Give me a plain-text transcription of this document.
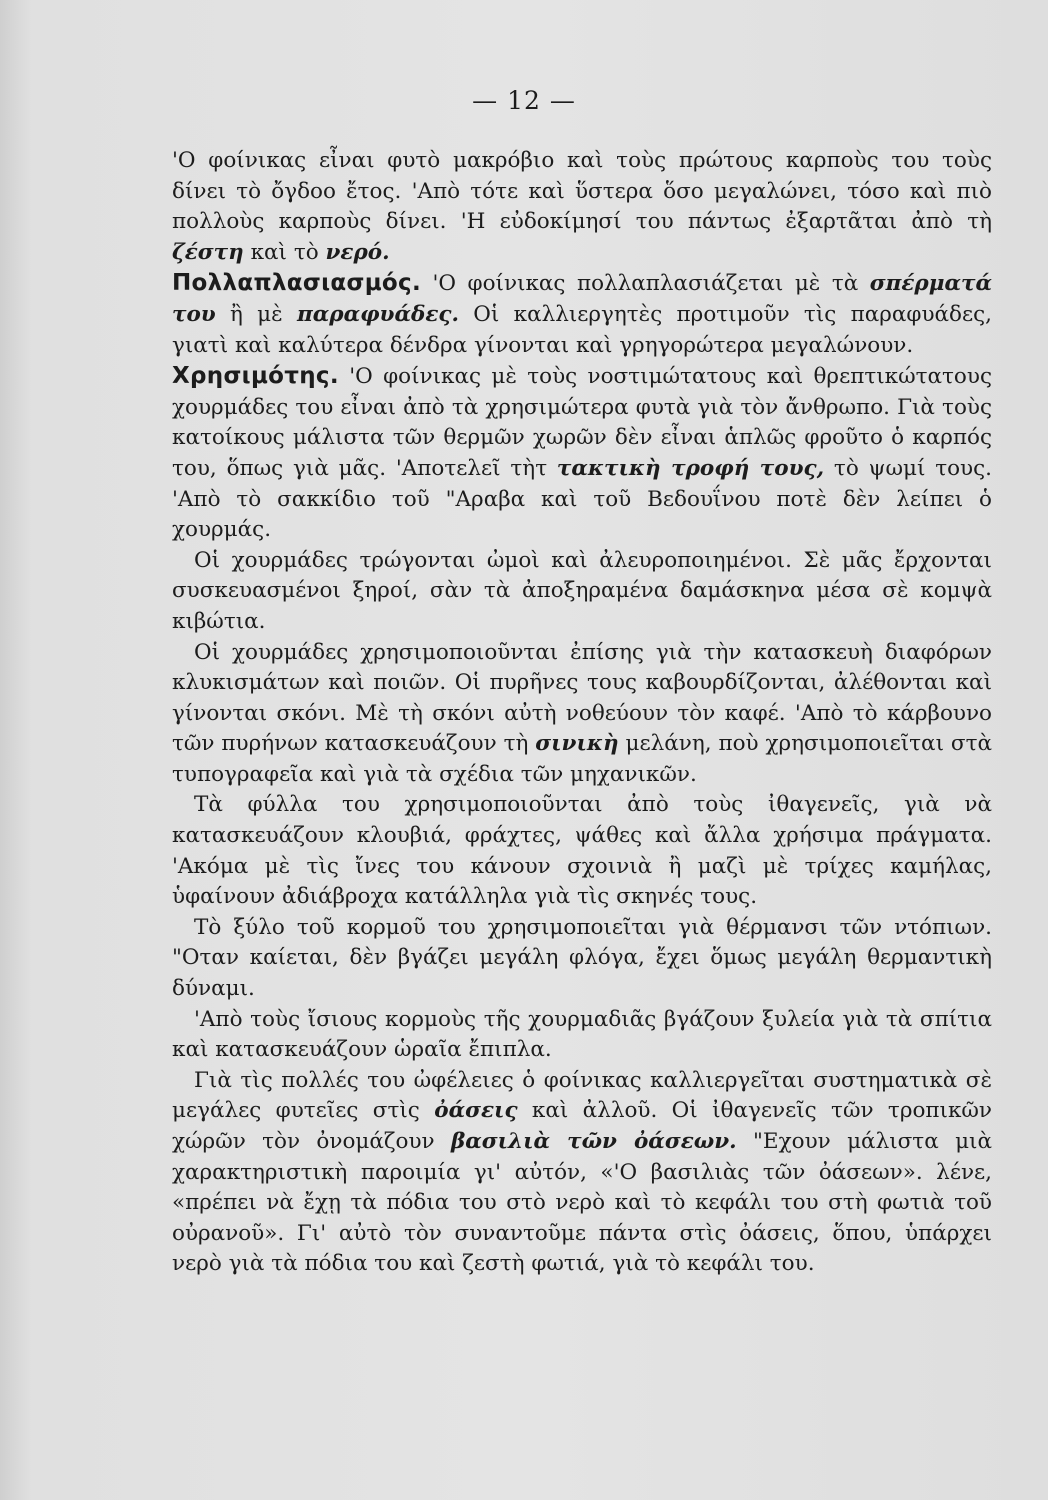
— 12 —

'Ο φοίνικας εἶναι φυτὸ μακρόβιο καὶ τοὺς πρώτους καρποὺς του τοὺς δίνει τὸ ὄγδοο ἔτος. 'Απὸ τότε καὶ ὕστερα ὅσο μεγαλώνει, τόσο καὶ πιὸ πολλοὺς καρποὺς δίνει. 'Η εὐδοκίμησί του πάντως ἐξαρτᾶται ἀπὸ τὴ ζέστη καὶ τὸ νερό.

Πολλαπλασιασμός. 'Ο φοίνικας πολλαπλασιάζεται μὲ τὰ σπέρματά του ἢ μὲ παραφυάδες. Οἱ καλλιεργητὲς προτιμοῦν τὶς παραφυάδες, γιατὶ καὶ καλύτερα δένδρα γίνονται καὶ γρηγορώτερα μεγαλώνουν.

Χρησιμότης. 'Ο φοίνικας μὲ τοὺς νοστιμώτατους καὶ θρεπτικώτατους χουρμάδες του εἶναι ἀπὸ τὰ χρησιμώτερα φυτὰ γιὰ τὸν ἄνθρωπο. Γιὰ τοὺς κατοίκους μάλιστα τῶν θερμῶν χωρῶν δὲν εἶναι ἁπλῶς φροῦτο ὁ καρπός του, ὅπως γιὰ μᾶς. 'Αποτελεῖ τὴτ τακτικὴ τροφή τους, τὸ ψωμί τους. 'Απὸ τὸ σακκίδιο τοῦ "Αραβα καὶ τοῦ Βεδουΐνου ποτὲ δὲν λείπει ὁ χουρμάς.

Οἱ χουρμάδες τρώγονται ὠμοὶ καὶ ἀλευροποιημένοι. Σὲ μᾶς ἔρχονται συσκευασμένοι ξηροί, σὰν τὰ ἀποξηραμένα δαμάσκηνα μέσα σὲ κομψὰ κιβώτια.

Οἱ χουρμάδες χρησιμοποιοῦνται ἐπίσης γιὰ τὴν κατασκευὴ διαφόρων κλυκισμάτων καὶ ποιῶν. Οἱ πυρῆνες τους καβουρδίζονται, ἀλέθονται καὶ γίνονται σκόνι. Μὲ τὴ σκόνι αὐτὴ νοθεύουν τὸν καφέ. 'Απὸ τὸ κάρβουνο τῶν πυρήνων κατασκευάζουν τὴ σινικὴ μελάνη, ποὺ χρησιμοποιεῖται στὰ τυπογραφεῖα καὶ γιὰ τὰ σχέδια τῶν μηχανικῶν.

Τὰ φύλλα του χρησιμοποιοῦνται ἀπὸ τοὺς ἰθαγενεῖς, γιὰ νὰ κατασκευάζουν κλουβιά, φράχτες, ψάθες καὶ ἄλλα χρήσιμα πράγματα. 'Ακόμα μὲ τὶς ἴνες του κάνουν σχοινιὰ ἢ μαζὶ μὲ τρίχες καμήλας, ὑφαίνουν ἀδιάβροχα κατάλληλα γιὰ τὶς σκηνές τους.

Τὸ ξύλο τοῦ κορμοῦ του χρησιμοποιεῖται γιὰ θέρμανσι τῶν ντόπιων. "Οταν καίεται, δὲν βγάζει μεγάλη φλόγα, ἔχει ὅμως μεγάλη θερμαντικὴ δύναμι.

'Απὸ τοὺς ἴσιους κορμοὺς τῆς χουρμαδιᾶς βγάζουν ξυλεία γιὰ τὰ σπίτια καὶ κατασκευάζουν ὡραῖα ἔπιπλα.

Γιὰ τὶς πολλές του ὠφέλειες ὁ φοίνικας καλλιεργεῖται συστηματικὰ σὲ μεγάλες φυτεῖες στὶς ὀάσεις καὶ ἀλλοῦ. Οἱ ἰθαγενεῖς τῶν τροπικῶν χώρῶν τὸν ὀνομάζουν βασιλιὰ τῶν ὀάσεων. "Εχουν μάλιστα μιὰ χαρακτηριστικὴ παροιμία γι' αὐτόν, «'Ο βασιλιὰς τῶν ὀάσεων». λένε, «πρέπει νὰ ἔχῃ τὰ πόδια του στὸ νερὸ καὶ τὸ κεφάλι του στὴ φωτιὰ τοῦ οὐρανοῦ». Γι' αὐτὸ τὸν συναντοῦμε πάντα στὶς ὀάσεις, ὅπου, ὑπάρχει νερὸ γιὰ τὰ πόδια του καὶ ζεστὴ φωτιά, γιὰ τὸ κεφάλι του.
